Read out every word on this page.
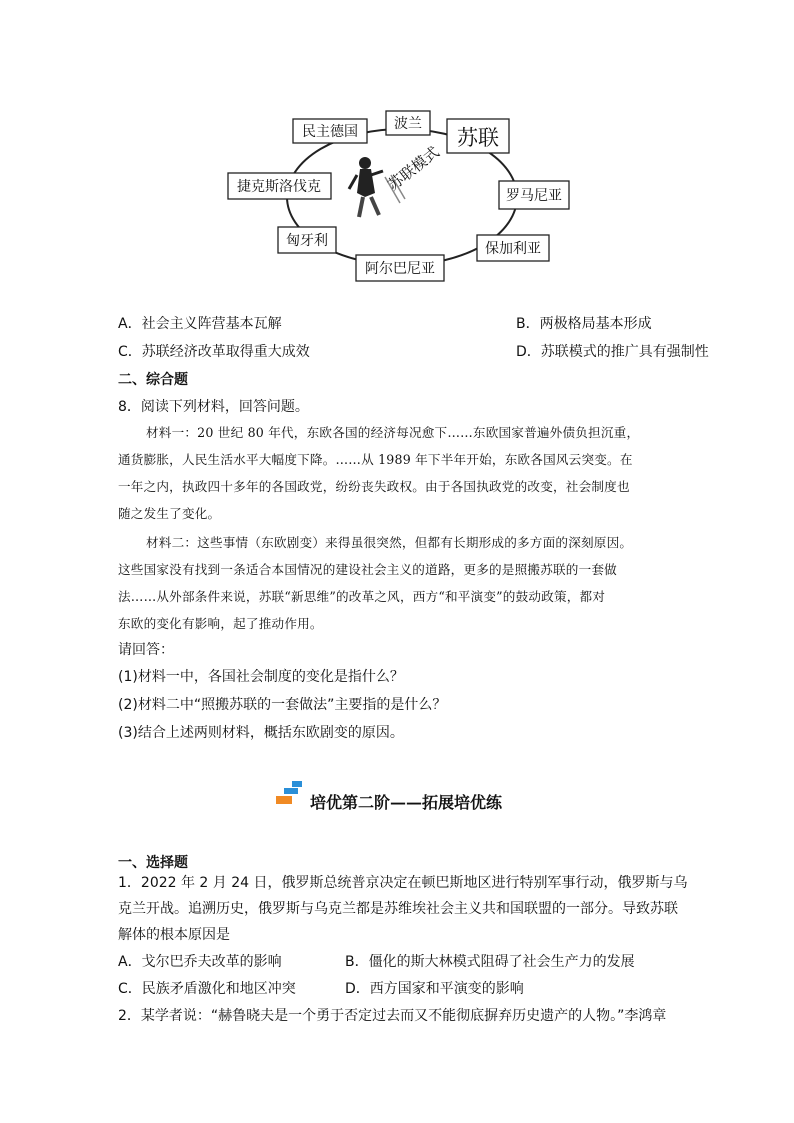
苏联模式
民主德国	波兰
苏联
捷克斯洛伐克
罗马尼亚
匈牙利	保加利亚
阿尔巴尼亚
A．社会主义阵营基本瓦解	B．两极格局基本形成
C．苏联经济改革取得重大成效	D．苏联模式的推广具有强制性
二、综合题
8．阅读下列材料，回答问题。
材料一：20 世纪 80 年代，东欧各国的经济每况愈下……东欧国家普遍外债负担沉重，
通货膨胀，人民生活水平大幅度下降。……从 1989 年下半年开始，东欧各国风云突变。在
一年之内，执政四十多年的各国政党，纷纷丧失政权。由于各国执政党的改变，社会制度也
随之发生了变化。
材料二：这些事情（东欧剧变）来得虽很突然，但都有长期形成的多方面的深刻原因。
这些国家没有找到一条适合本国情况的建设社会主义的道路，更多的是照搬苏联的一套做
法……从外部条件来说，苏联“新思维”的改革之风，西方“和平演变”的鼓动政策，都对
东欧的变化有影响，起了推动作用。
请回答：
(1)材料一中，各国社会制度的变化是指什么？
(2)材料二中“照搬苏联的一套做法”主要指的是什么？
(3)结合上述两则材料，概括东欧剧变的原因。
培优第二阶——拓展培优练
一、选择题
1．2022 年 2 月 24 日，俄罗斯总统普京决定在顿巴斯地区进行特别军事行动，俄罗斯与乌
克兰开战。追溯历史，俄罗斯与乌克兰都是苏维埃社会主义共和国联盟的一部分。导致苏联
解体的根本原因是
A．戈尔巴乔夫改革的影响	B．僵化的斯大林模式阻碍了社会生产力的发展
C．民族矛盾激化和地区冲突	D．西方国家和平演变的影响
2．某学者说：“赫鲁晓夫是一个勇于否定过去而又不能彻底摒弃历史遗产的人物。”李鸿章
